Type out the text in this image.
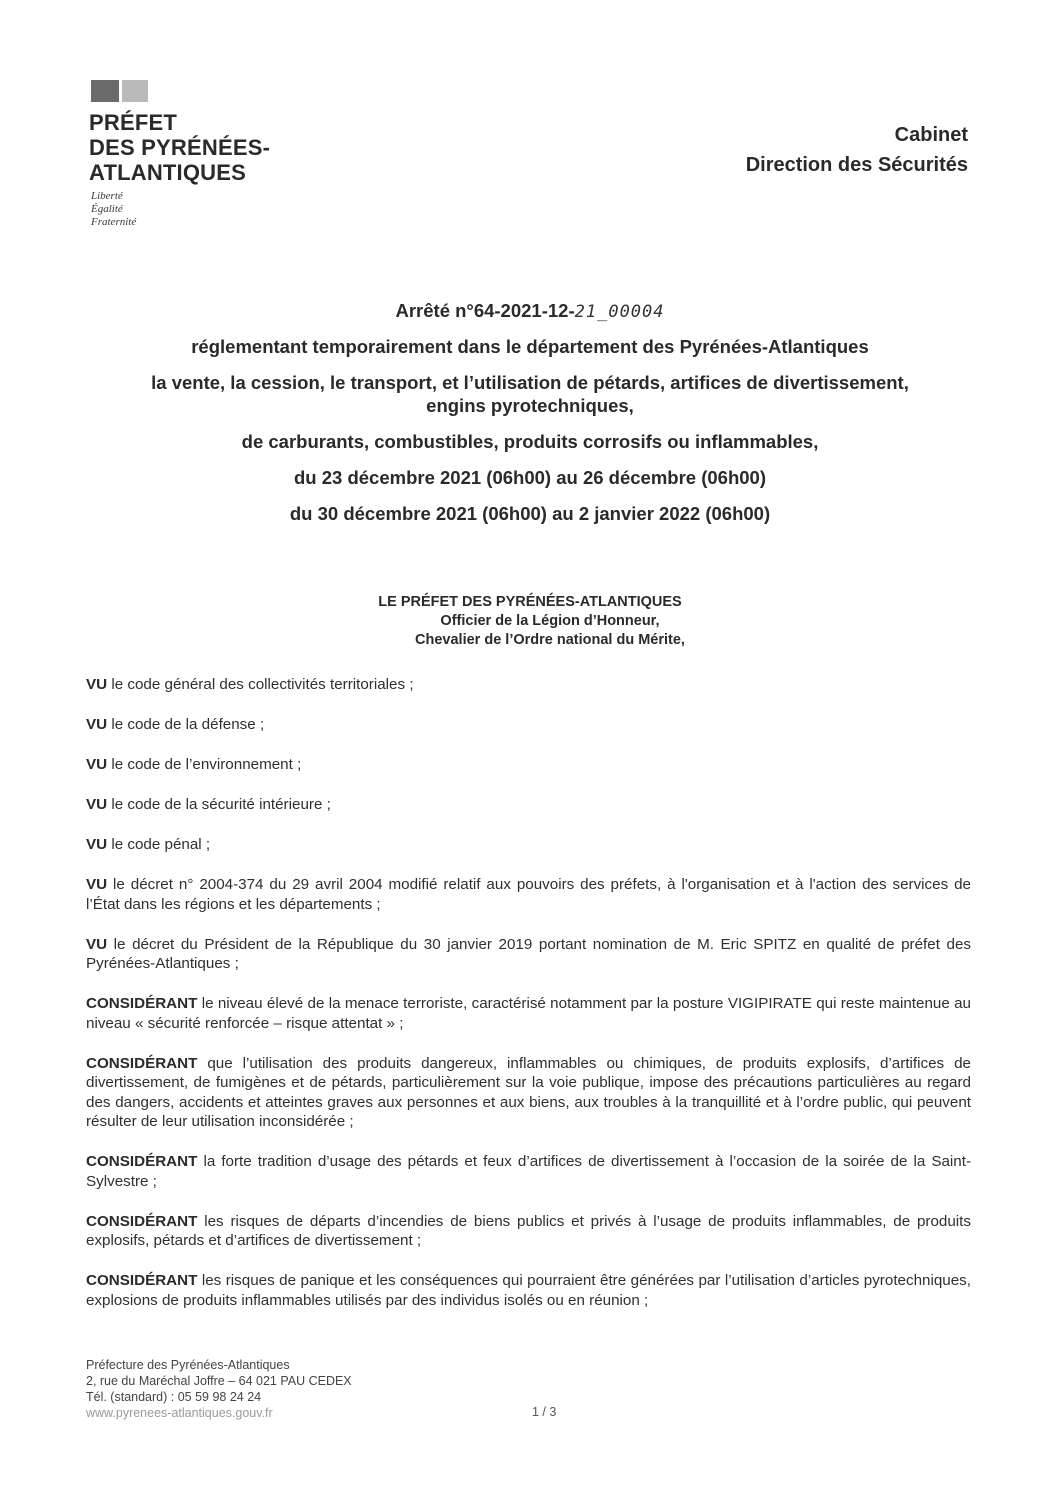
PRÉFET
DES PYRÉNÉES-
ATLANTIQUES
Liberté
Égalité
Fraternité
Cabinet
Direction des Sécurités
Arrêté n°64-2021-12-21_00004
réglementant temporairement dans le département des Pyrénées-Atlantiques
la vente, la cession, le transport, et l’utilisation de pétards, artifices de divertissement,
engins pyrotechniques,
de carburants, combustibles, produits corrosifs ou inflammables,
du 23 décembre 2021 (06h00) au 26 décembre (06h00)
du 30 décembre 2021 (06h00) au 2 janvier 2022 (06h00)
LE PRÉFET DES PYRÉNÉES-ATLANTIQUES
Officier de la Légion d’Honneur,
Chevalier de l’Ordre national du Mérite,

VU le code général des collectivités territoriales ;

VU le code de la défense ;

VU le code de l’environnement ;

VU le code de la sécurité intérieure ;

VU le code pénal ;

VU le décret n° 2004-374 du 29 avril 2004 modifié relatif aux pouvoirs des préfets, à l'organisation et à l'action des services de l’État dans les régions et les départements ;

VU le décret du Président de la République du 30 janvier 2019 portant nomination de M. Eric SPITZ en qualité de préfet des Pyrénées-Atlantiques ;

CONSIDÉRANT le niveau élevé de la menace terroriste, caractérisé notamment par la posture VIGIPIRATE qui reste maintenue au niveau « sécurité renforcée – risque attentat » ;

CONSIDÉRANT que l’utilisation des produits dangereux, inflammables ou chimiques, de produits explosifs, d’artifices de divertissement, de fumigènes et de pétards, particulièrement sur la voie publique, impose des précautions particulières au regard des dangers, accidents et atteintes graves aux personnes et aux biens, aux troubles à la tranquillité et à l’ordre public, qui peuvent résulter de leur utilisation inconsidérée ;

CONSIDÉRANT la forte tradition d’usage des pétards et feux d’artifices de divertissement à l’occasion de la soirée de la Saint-Sylvestre ;

CONSIDÉRANT les risques de départs d’incendies de biens publics et privés à l’usage de produits inflammables, de produits explosifs, pétards et d’artifices de divertissement ;

CONSIDÉRANT les risques de panique et les conséquences qui pourraient être générées par l’utilisation d’articles pyrotechniques, explosions de produits inflammables utilisés par des individus isolés ou en réunion ;

Préfecture des Pyrénées-Atlantiques
2, rue du Maréchal Joffre – 64 021 PAU CEDEX
Tél. (standard) : 05 59 98 24 24
www.pyrenees-atlantiques.gouv.fr	1 / 3
